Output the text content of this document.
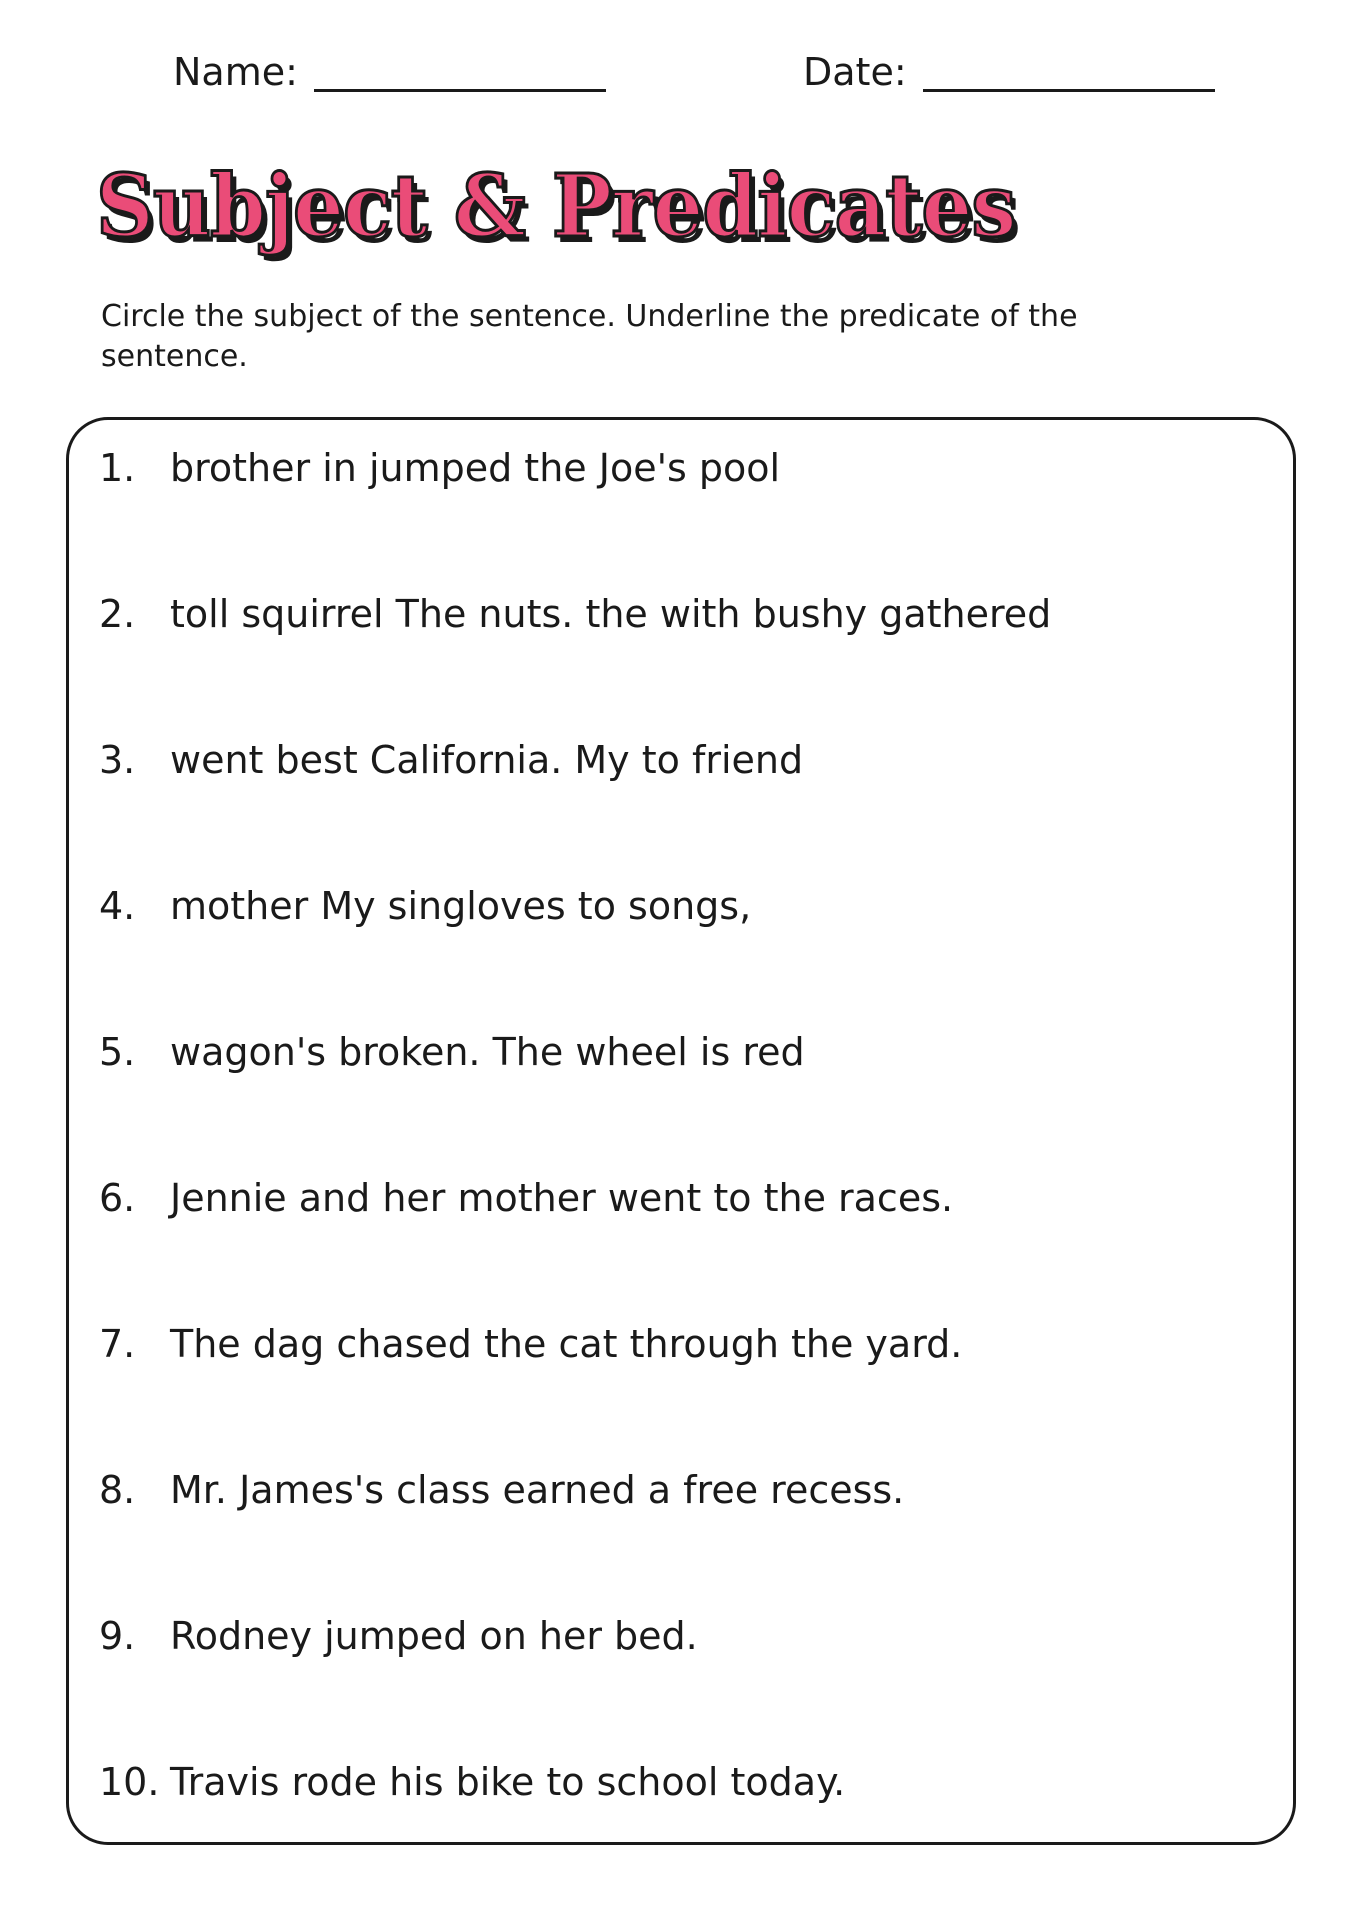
Name:	Date:
Subject & Predicates

Circle the subject of the sentence. Underline the predicate of the sentence.

1. brother in jumped the Joe's pool
2. toll squirrel The nuts. the with bushy gathered
3. went best California. My to friend
4. mother My singloves to songs,
5. wagon's broken. The wheel is red
6. Jennie and her mother went to the races.
7. The dag chased the cat through the yard.
8. Mr. James's class earned a free recess.
9. Rodney jumped on her bed.
10. Travis rode his bike to school today.
